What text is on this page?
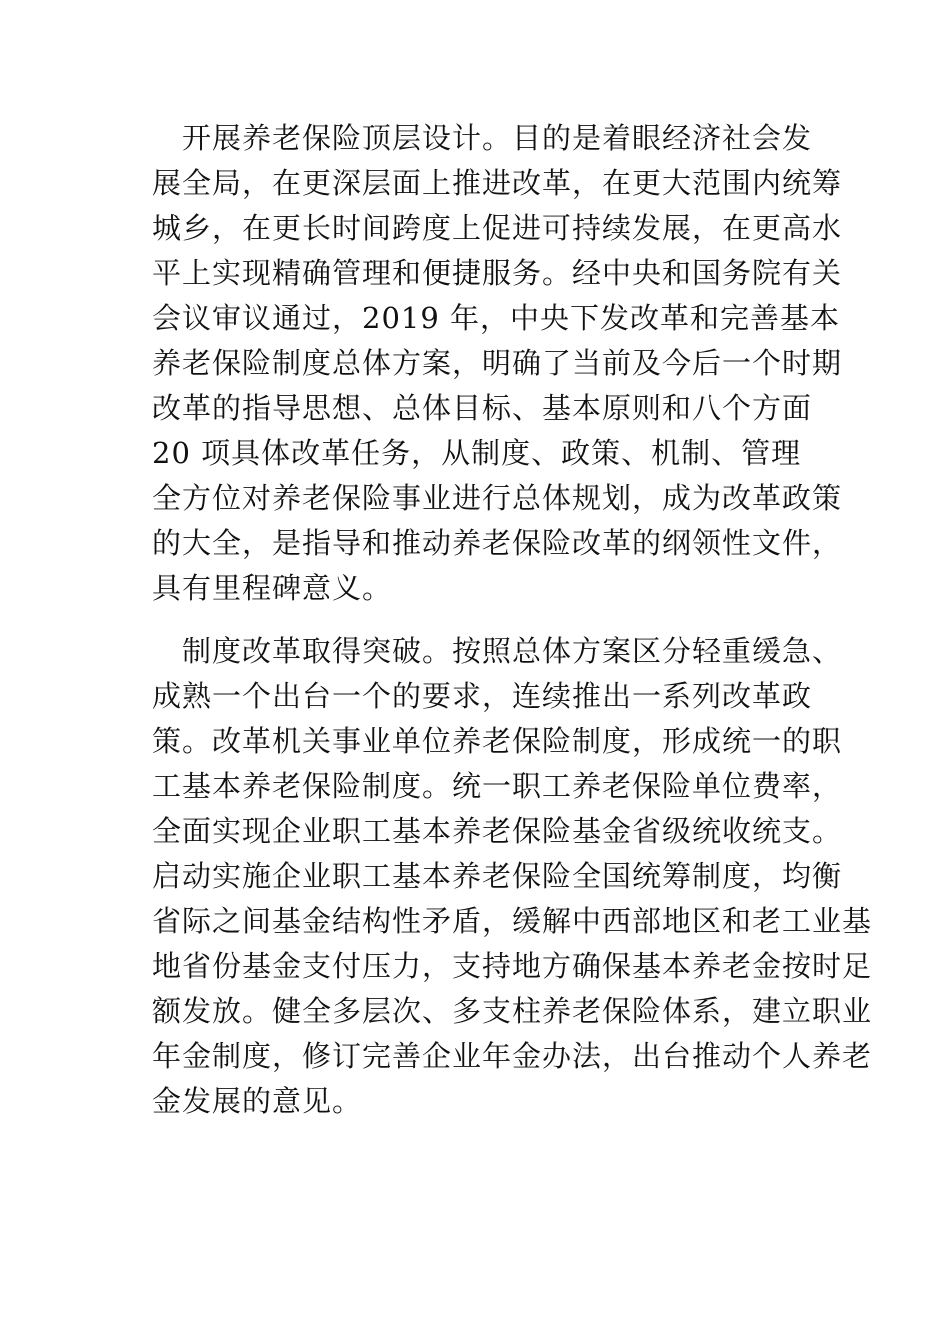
　开展养老保险顶层设计。目的是着眼经济社会发
展全局，在更深层面上推进改革，在更大范围内统筹
城乡，在更长时间跨度上促进可持续发展，在更高水
平上实现精确管理和便捷服务。经中央和国务院有关
会议审议通过，2019 年，中央下发改革和完善基本
养老保险制度总体方案，明确了当前及今后一个时期
改革的指导思想、总体目标、基本原则和八个方面
20 项具体改革任务，从制度、政策、机制、管理
全方位对养老保险事业进行总体规划，成为改革政策
的大全，是指导和推动养老保险改革的纲领性文件，
具有里程碑意义。

　制度改革取得突破。按照总体方案区分轻重缓急、
成熟一个出台一个的要求，连续推出一系列改革政
策。改革机关事业单位养老保险制度，形成统一的职
工基本养老保险制度。统一职工养老保险单位费率，
全面实现企业职工基本养老保险基金省级统收统支。
启动实施企业职工基本养老保险全国统筹制度，均衡
省际之间基金结构性矛盾，缓解中西部地区和老工业基
地省份基金支付压力，支持地方确保基本养老金按时足
额发放。健全多层次、多支柱养老保险体系，建立职业
年金制度，修订完善企业年金办法，出台推动个人养老
金发展的意见。
